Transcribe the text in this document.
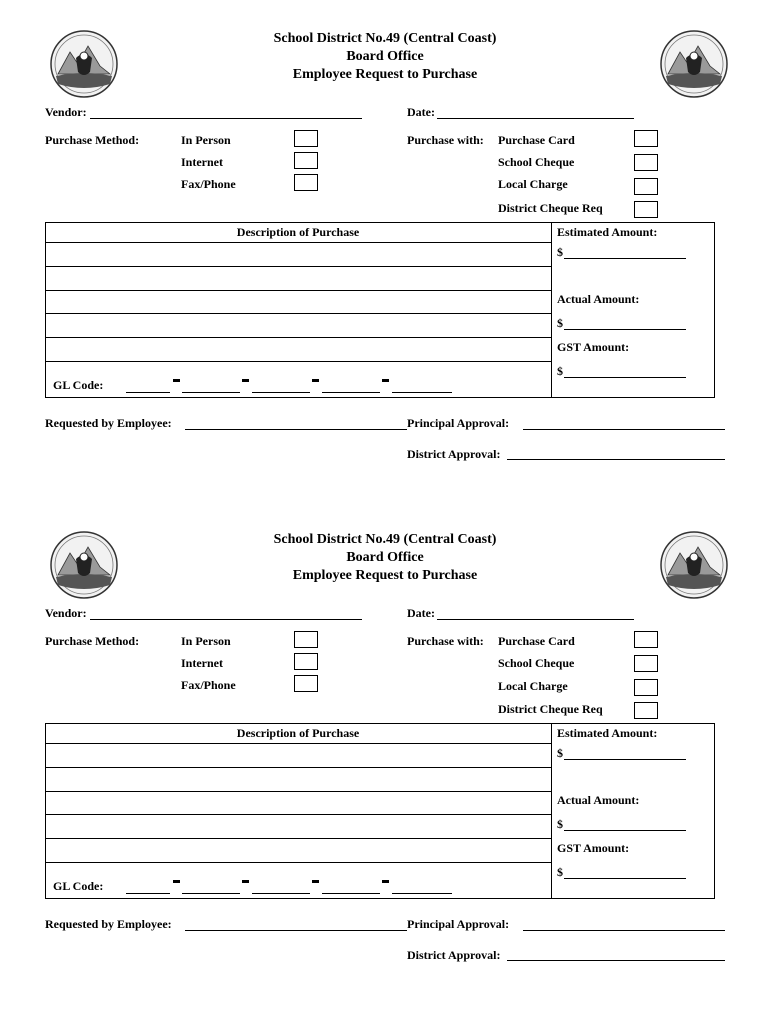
School District No.49 (Central Coast)
Board Office
Employee Request to Purchase
Vendor:	Date:
Purchase Method:	In Person
Internet
Fax/Phone
Purchase with: Purchase Card
School Cheque
Local Charge
District Cheque Req
Description of Purchase	Estimated Amount:
$
Actual Amount:
$
GST Amount:
$
GL Code:
Requested by Employee:	Principal Approval:
District Approval:
School District No.49 (Central Coast)
Board Office
Employee Request to Purchase
Vendor:	Date:
Purchase Method:	In Person
Internet
Fax/Phone
Purchase with: Purchase Card
School Cheque
Local Charge
District Cheque Req
Description of Purchase	Estimated Amount:
$
Actual Amount:
$
GST Amount:
$
GL Code:
Requested by Employee:	Principal Approval:
District Approval:
